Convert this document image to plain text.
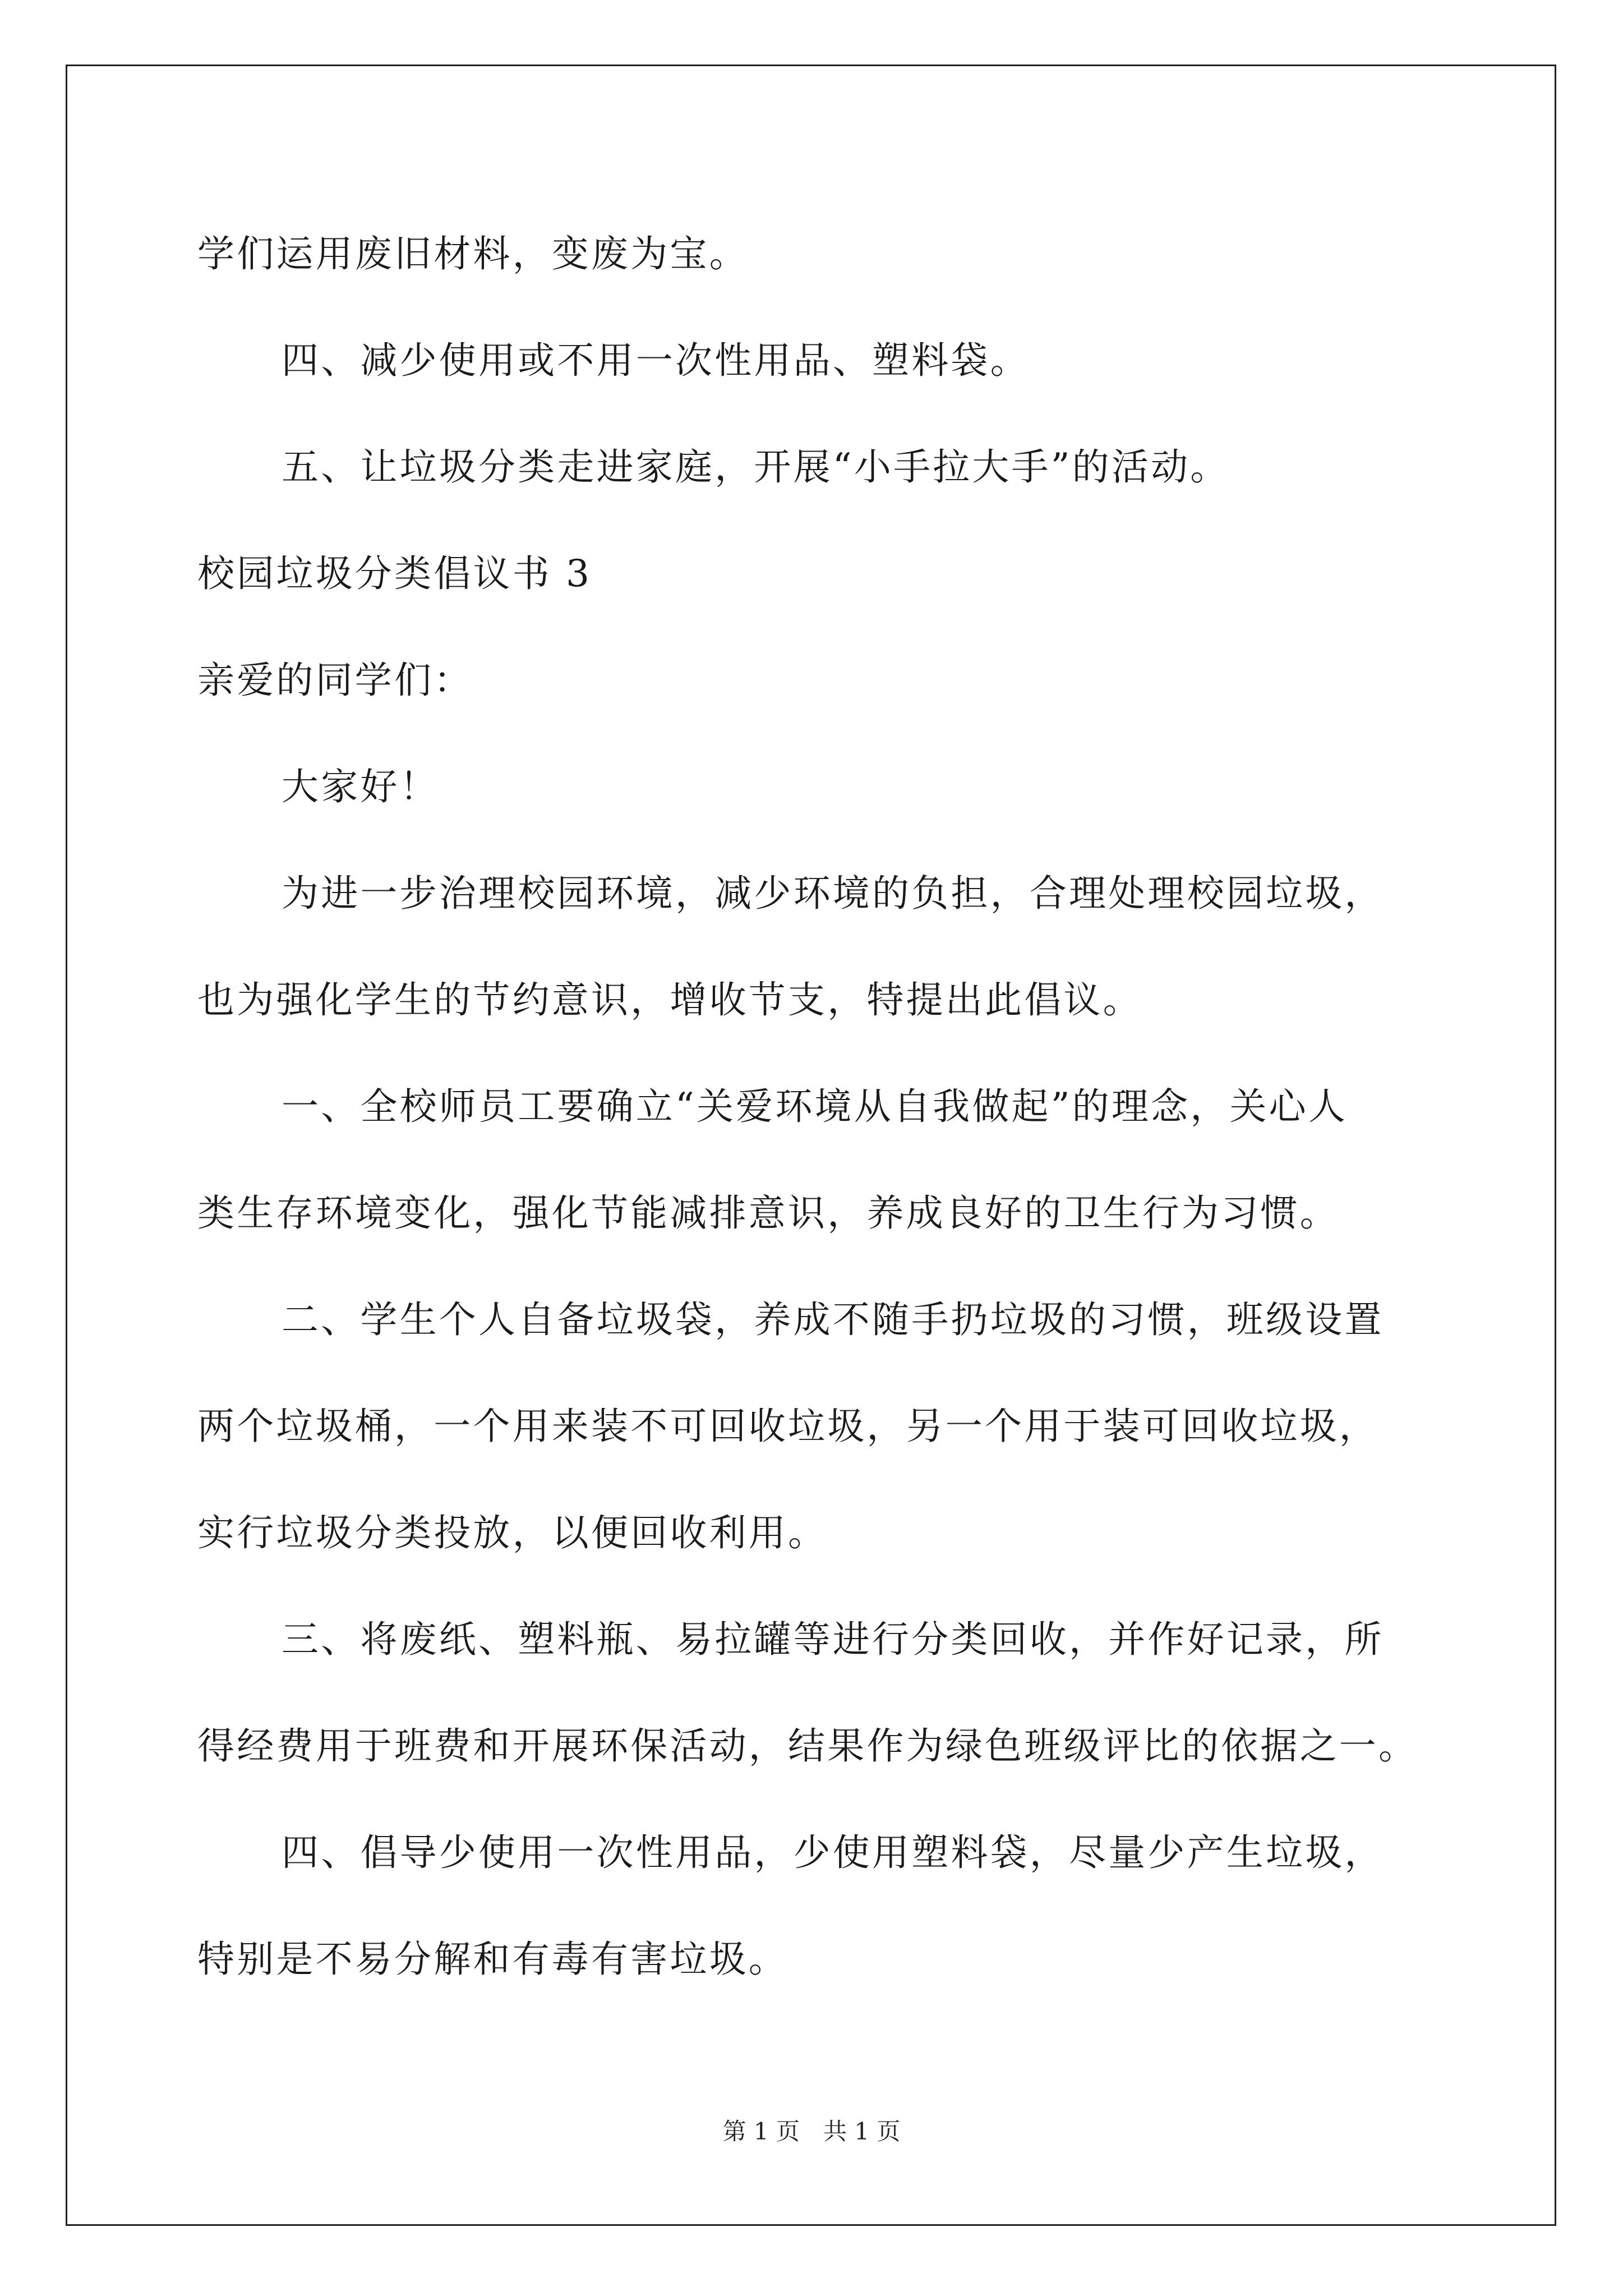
学们运用废旧材料，变废为宝。
四、减少使用或不用一次性用品、塑料袋。
五、让垃圾分类走进家庭，开展“小手拉大手”的活动。
校园垃圾分类倡议书 3
亲爱的同学们：
大家好！
为进一步治理校园环境，减少环境的负担，合理处理校园垃圾，
也为强化学生的节约意识，增收节支，特提出此倡议。
一、全校师员工要确立“关爱环境从自我做起”的理念，关心人
类生存环境变化，强化节能减排意识，养成良好的卫生行为习惯。
二、学生个人自备垃圾袋，养成不随手扔垃圾的习惯，班级设置
两个垃圾桶，一个用来装不可回收垃圾，另一个用于装可回收垃圾，
实行垃圾分类投放，以便回收利用。
三、将废纸、塑料瓶、易拉罐等进行分类回收，并作好记录，所
得经费用于班费和开展环保活动，结果作为绿色班级评比的依据之一。
四、倡导少使用一次性用品，少使用塑料袋，尽量少产生垃圾，
特别是不易分解和有毒有害垃圾。
第 1 页　共 1 页
